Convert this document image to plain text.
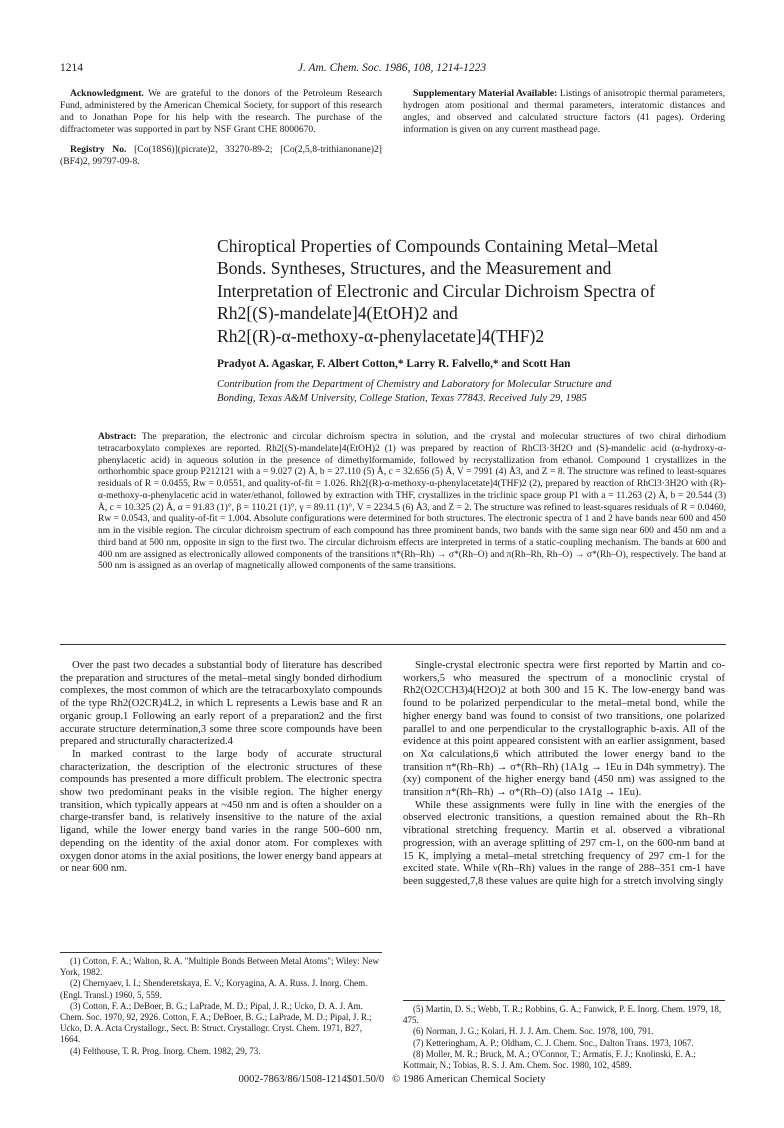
1214	J. Am. Chem. Soc. 1986, 108, 1214-1223

Acknowledgment. We are grateful to the donors of the Petroleum Research Fund, administered by the American Chemical Society, for support of this research and to Jonathan Pope for his help with the research. The purchase of the diffractometer was supported in part by NSF Grant CHE 8000670.

Registry No. [Co(18S6)](picrate)2, 33270-89-2; [Co(2,5,8-trithianonane)2](BF4)2, 99797-09-8.

Supplementary Material Available: Listings of anisotropic thermal parameters, hydrogen atom positional and thermal parameters, interatomic distances and angles, and observed and calculated structure factors (41 pages). Ordering information is given on any current masthead page.

Chiroptical Properties of Compounds Containing Metal–Metal
Bonds. Syntheses, Structures, and the Measurement and
Interpretation of Electronic and Circular Dichroism Spectra of
Rh2[(S)-mandelate]4(EtOH)2 and
Rh2[(R)-α-methoxy-α-phenylacetate]4(THF)2
Pradyot A. Agaskar, F. Albert Cotton,* Larry R. Falvello,* and Scott Han
Contribution from the Department of Chemistry and Laboratory for Molecular Structure and
Bonding, Texas A&M University, College Station, Texas 77843. Received July 29, 1985

Abstract: The preparation, the electronic and circular dichroism spectra in solution, and the crystal and molecular structures of two chiral dirhodium tetracarboxylato complexes are reported. Rh2[(S)-mandelate]4(EtOH)2 (1) was prepared by reaction of RhCl3·3H2O and (S)-mandelic acid (α-hydroxy-α-phenylacetic acid) in aqueous solution in the presence of dimethylformamide, followed by recrystallization from ethanol. Compound 1 crystallizes in the orthorhombic space group P212121 with a = 9.027 (2) Å, b = 27.110 (5) Å, c = 32.656 (5) Å, V = 7991 (4) Å3, and Z = 8. The structure was refined to least-squares residuals of R = 0.0455, Rw = 0.0551, and quality-of-fit = 1.026. Rh2[(R)-α-methoxy-α-phenylacetate]4(THF)2 (2), prepared by reaction of RhCl3·3H2O with (R)-α-methoxy-α-phenylacetic acid in water/ethanol, followed by extraction with THF, crystallizes in the triclinic space group P1 with a = 11.263 (2) Å, b = 20.544 (3) Å, c = 10.325 (2) Å, α = 91.83 (1)°, β = 110.21 (1)°, γ = 89.11 (1)°, V = 2234.5 (6) Å3, and Z = 2. The structure was refined to least-squares residuals of R = 0.0460, Rw = 0.0543, and quality-of-fit = 1.004. Absolute configurations were determined for both structures. The electronic spectra of 1 and 2 have bands near 600 and 450 nm in the visible region. The circular dichroism spectrum of each compound has three prominent bands, two bands with the same sign near 600 and 450 nm and a third band at 500 nm, opposite in sign to the first two. The circular dichroism effects are interpreted in terms of a static-coupling mechanism. The bands at 600 and 400 nm are assigned as electronically allowed components of the transitions π*(Rh–Rh) → σ*(Rh–O) and π(Rh–Rh, Rh–O) → σ*(Rh–O), respectively. The band at 500 nm is assigned as an overlap of magnetically allowed components of the same transitions.

Over the past two decades a substantial body of literature has described the preparation and structures of the metal–metal singly bonded dirhodium complexes, the most common of which are the tetracarboxylato compounds of the type Rh2(O2CR)4L2, in which L represents a Lewis base and R an organic group.1 Following an early report of a preparation2 and the first accurate structure determination,3 some three score compounds have been prepared and structurally characterized.4

In marked contrast to the large body of accurate structural characterization, the description of the electronic structures of these compounds has presented a more difficult problem. The electronic spectra show two predominant peaks in the visible region. The higher energy transition, which typically appears at ~450 nm and is often a shoulder on a charge-transfer band, is relatively insensitive to the nature of the axial ligand, while the lower energy band varies in the range 500–600 nm, depending on the identity of the axial donor atom. For complexes with oxygen donor atoms in the axial positions, the lower energy band appears at or near 600 nm.

Single-crystal electronic spectra were first reported by Martin and co-workers,5 who measured the spectrum of a monoclinic crystal of Rh2(O2CCH3)4(H2O)2 at both 300 and 15 K. The low-energy band was found to be polarized perpendicular to the metal–metal bond, while the higher energy band was found to consist of two transitions, one polarized parallel to and one perpendicular to the crystallographic b-axis. All of the evidence at this point appeared consistent with an earlier assignment, based on Xα calculations,6 which attributed the lower energy band to the transition π*(Rh–Rh) → σ*(Rh–Rh) (1A1g → 1Eu in D4h symmetry). The (xy) component of the higher energy band (450 nm) was assigned to the transition π*(Rh–Rh) → σ*(Rh–O) (also 1A1g → 1Eu).

While these assignments were fully in line with the energies of the observed electronic transitions, a question remained about the Rh–Rh vibrational stretching frequency. Martin et al. observed a vibrational progression, with an average splitting of 297 cm-1, on the 600-nm band at 15 K, implying a metal–metal stretching frequency of 297 cm-1 for the excited state. While ν(Rh–Rh) values in the range of 288–351 cm-1 have been suggested,7,8 these values are quite high for a stretch involving singly

(1) Cotton, F. A.; Walton, R. A. "Multiple Bonds Between Metal Atoms"; Wiley: New York, 1982.

(2) Chernyaev, I. I.; Shenderetskaya, E. V.; Koryagina, A. A. Russ. J. Inorg. Chem. (Engl. Transl.) 1960, 5, 559.

(3) Cotton, F. A.; DeBoer, B. G.; LaPrade, M. D.; Pipal, J. R.; Ucko, D. A. J. Am. Chem. Soc. 1970, 92, 2926. Cotton, F. A.; DeBoer, B. G.; LaPrade, M. D.; Pipal, J. R.; Ucko, D. A. Acta Crystallogr., Sect. B: Struct. Crystallogr. Cryst. Chem. 1971, B27, 1664.

(4) Felthouse, T. R. Prog. Inorg. Chem. 1982, 29, 73.

(5) Martin, D. S.; Webb, T. R.; Robbins, G. A.; Fanwick, P. E. Inorg. Chem. 1979, 18, 475.

(6) Norman, J. G.; Kolari, H. J. J. Am. Chem. Soc. 1978, 100, 791.

(7) Ketteringham, A. P.; Oldham, C. J. Chem. Soc., Dalton Trans. 1973, 1067.

(8) Moller, M. R.; Bruck, M. A.; O'Connor, T.; Armatis, F. J.; Knolinski, E. A.; Kottmair, N.; Tobias, R. S. J. Am. Chem. Soc. 1980, 102, 4589.

0002-7863/86/1508-1214$01.50/0   © 1986 American Chemical Society
